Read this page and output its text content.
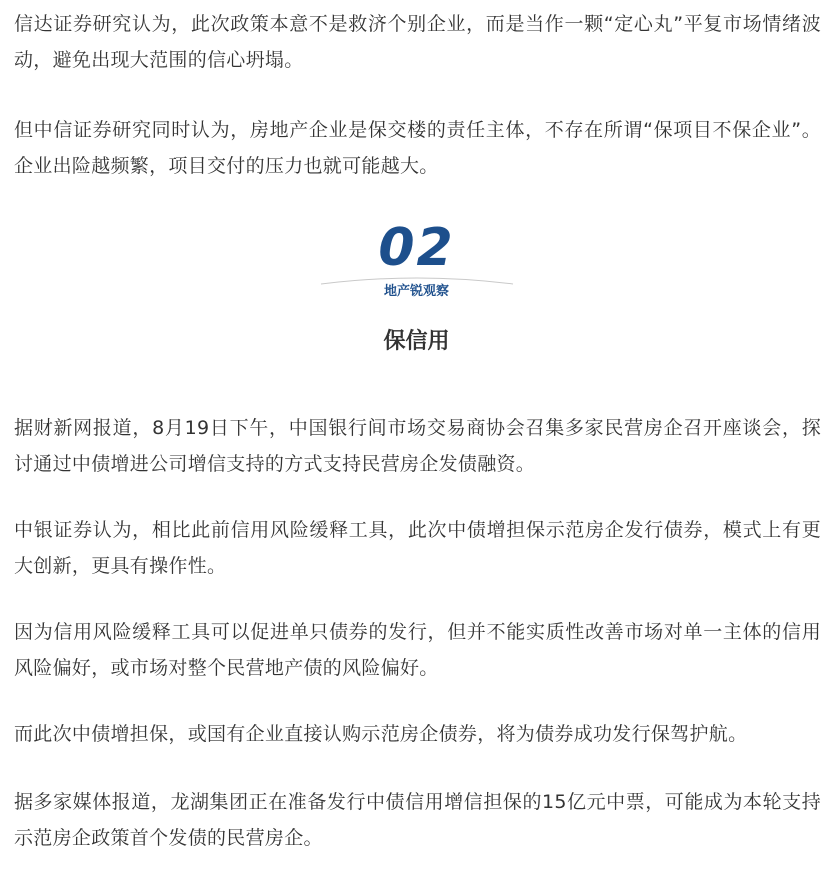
信达证券研究认为，此次政策本意不是救济个别企业，而是当作一颗“定心丸”平复市场情绪波动，避免出现大范围的信心坍塌。

但中信证券研究同时认为，房地产企业是保交楼的责任主体，不存在所谓“保项目不保企业”。企业出险越频繁，项目交付的压力也就可能越大。

02
地产锐观察
保信用

据财新网报道，8月19日下午，中国银行间市场交易商协会召集多家民营房企召开座谈会，探讨通过中债增进公司增信支持的方式支持民营房企发债融资。

中银证券认为，相比此前信用风险缓释工具，此次中债增担保示范房企发行债券，模式上有更大创新，更具有操作性。

因为信用风险缓释工具可以促进单只债券的发行，但并不能实质性改善市场对单一主体的信用风险偏好，或市场对整个民营地产债的风险偏好。

而此次中债增担保，或国有企业直接认购示范房企债券，将为债券成功发行保驾护航。

据多家媒体报道，龙湖集团正在准备发行中债信用增信担保的15亿元中票，可能成为本轮支持示范房企政策首个发债的民营房企。
